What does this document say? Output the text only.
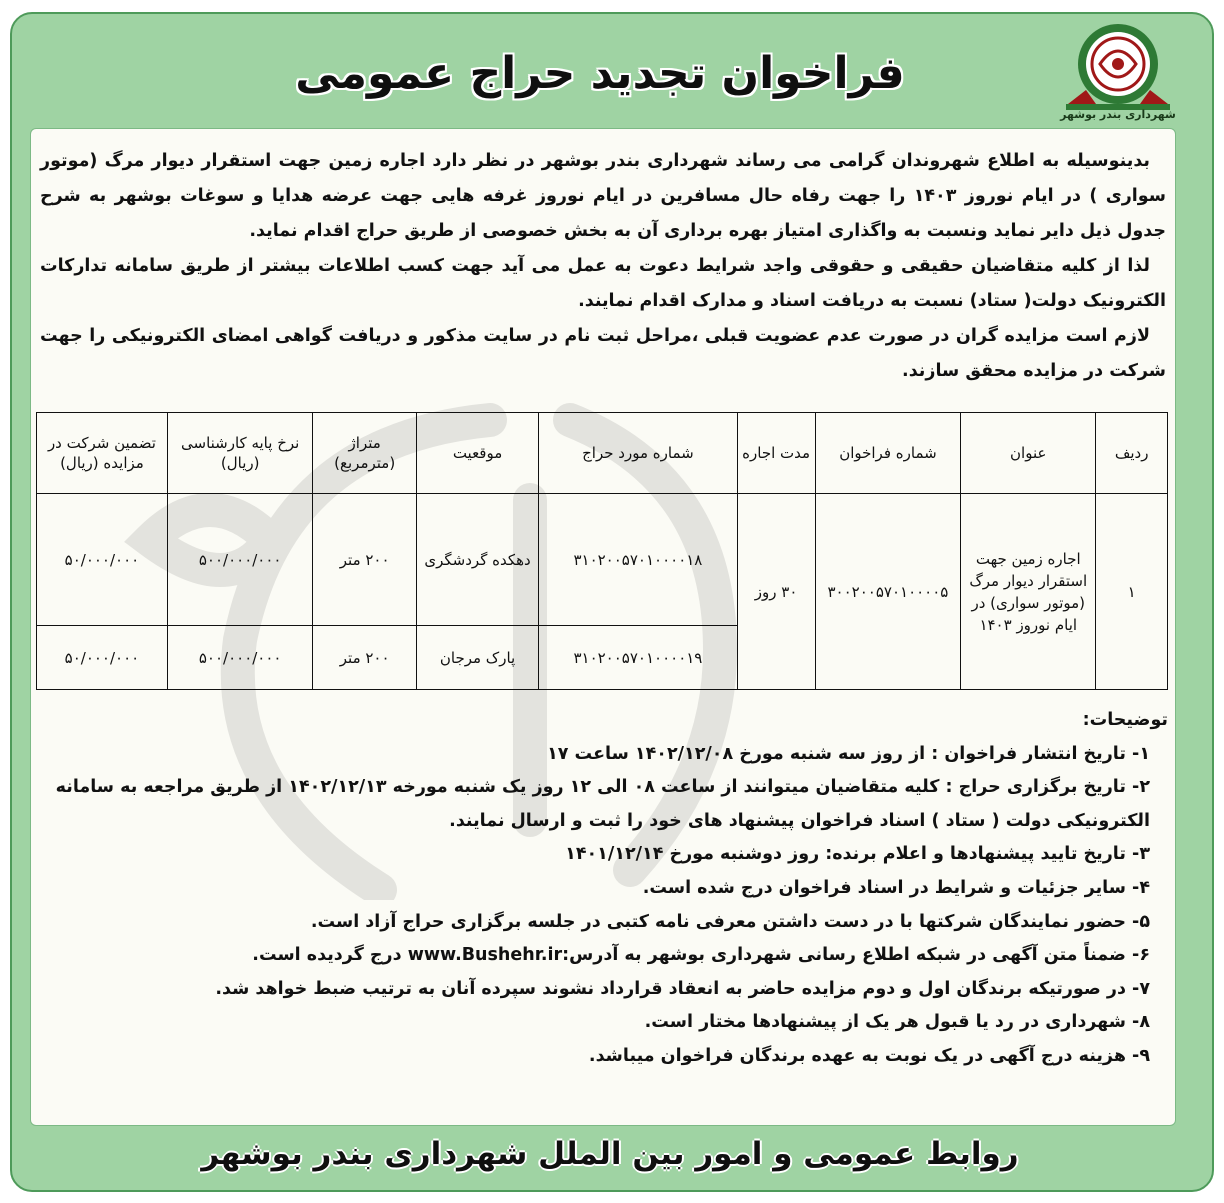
شهرداری بندر بوشهر
فراخوان تجدید حراج عمومی

بدینوسیله به اطلاع شهروندان گرامی می رساند شهرداری بندر بوشهر در نظر دارد اجاره زمین جهت استقرار دیوار مرگ (موتور سواری ) در ایام نوروز ۱۴۰۳ را جهت رفاه حال مسافرین در ایام نوروز غرفه هایی جهت عرضه هدایا و سوغات بوشهر به شرح جدول ذیل دایر نماید ونسبت به واگذاری امتیاز بهره برداری آن به بخش خصوصی از طریق حراج اقدام نماید.

لذا از کلیه متقاضیان حقیقی و حقوقی واجد شرایط دعوت به عمل می آید جهت کسب اطلاعات بیشتر از طریق سامانه تدارکات الکترونیک دولت( ستاد) نسبت به دریافت اسناد و مدارک اقدام نمایند.

لازم است مزایده گران در صورت عدم عضویت قبلی ،مراحل ثبت نام در سایت مذکور و دریافت گواهی امضای الکترونیکی را جهت شرکت در مزایده محقق سازند.

ردیف	عنوان	شماره فراخوان	مدت اجاره	شماره مورد حراج	موقعیت	متراژ (مترمربع)	نرخ پایه کارشناسی (ریال)	تضمین شرکت در مزایده (ریال)
۱	اجاره زمین جهت استقرار دیوار مرگ (موتور سواری) در ایام نوروز ۱۴۰۳	۳۰۰۲۰۰۵۷۰۱۰۰۰۰۵	۳۰ روز	۳۱۰۲۰۰۵۷۰۱۰۰۰۰۱۸	دهکده گردشگری	۲۰۰ متر	۵۰۰/۰۰۰/۰۰۰	۵۰/۰۰۰/۰۰۰
				۳۱۰۲۰۰۵۷۰۱۰۰۰۰۱۹	پارک مرجان	۲۰۰ متر	۵۰۰/۰۰۰/۰۰۰	۵۰/۰۰۰/۰۰۰

توضیحات:

۱- تاریخ انتشار فراخوان : از روز سه شنبه مورخ ۱۴۰۲/۱۲/۰۸ ساعت ۱۷
۲- تاریخ برگزاری حراج : کلیه متقاضیان میتوانند از ساعت ۰۸ الی ۱۲ روز یک شنبه مورخه ۱۴۰۲/۱۲/۱۳ از طریق مراجعه به سامانه الکترونیکی دولت ( ستاد ) اسناد فراخوان پیشنهاد های خود را ثبت و ارسال نمایند.
۳- تاریخ تایید پیشنهادها و اعلام برنده: روز دوشنبه مورخ ۱۴۰۱/۱۲/۱۴
۴- سایر جزئیات و شرایط در اسناد فراخوان درج شده است.
۵- حضور نمایندگان شرکتها با در دست داشتن معرفی نامه کتبی در جلسه برگزاری حراج آزاد است.
۶- ضمناً متن آگهی در شبکه اطلاع رسانی شهرداری بوشهر به آدرس:www.Bushehr.ir درج گردیده است.
۷- در صورتیکه برندگان اول و دوم مزایده حاضر به انعقاد قرارداد نشوند سپرده آنان به ترتیب ضبط خواهد شد.
۸- شهرداری در رد یا قبول هر یک از پیشنهادها مختار است.
۹- هزینه درج آگهی در یک نوبت به عهده برندگان فراخوان میباشد.
روابط عمومی و امور بین الملل شهرداری بندر بوشهر
